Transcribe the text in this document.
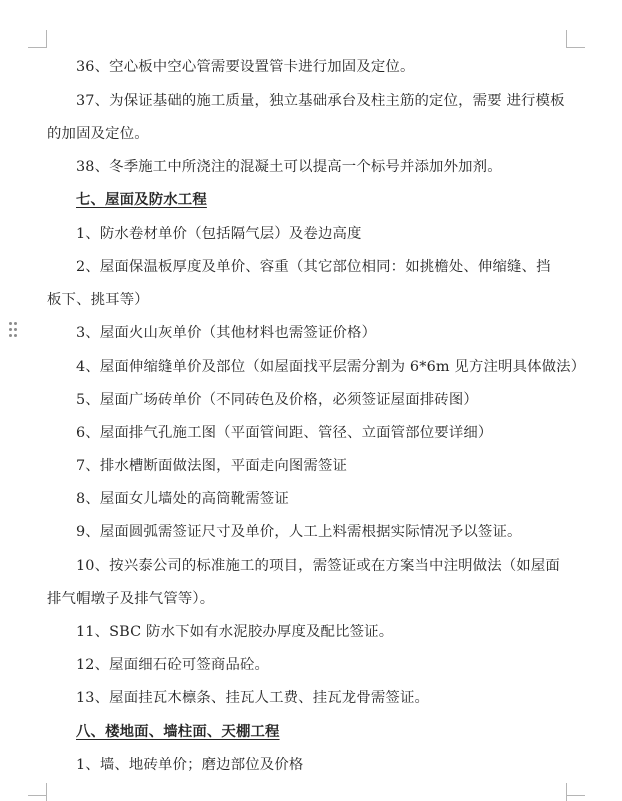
36、空心板中空心管需要设置管卡进行加固及定位。
37、为保证基础的施工质量，独立基础承台及柱主筋的定位，需要 进行模板
的加固及定位。
38、冬季施工中所浇注的混凝土可以提高一个标号并添加外加剂。
七、屋面及防水工程
1、防水卷材单价（包括隔气层）及卷边高度
2、屋面保温板厚度及单价、容重（其它部位相同：如挑檐处、伸缩缝、挡
板下、挑耳等）
3、屋面火山灰单价（其他材料也需签证价格）
4、屋面伸缩缝单价及部位（如屋面找平层需分割为 6*6m 见方注明具体做法）
5、屋面广场砖单价（不同砖色及价格，必须签证屋面排砖图）
6、屋面排气孔施工图（平面管间距、管径、立面管部位要详细）
7、排水槽断面做法图，平面走向图需签证
8、屋面女儿墙处的高筒靴需签证
9、屋面圆弧需签证尺寸及单价，人工上料需根据实际情况予以签证。
10、按兴泰公司的标准施工的项目，需签证或在方案当中注明做法（如屋面
排气帽墩子及排气管等）。
11、SBC 防水下如有水泥胶办厚度及配比签证。
12、屋面细石砼可签商品砼。
13、屋面挂瓦木檩条、挂瓦人工费、挂瓦龙骨需签证。
八、楼地面、墙柱面、天棚工程
1、墙、地砖单价；磨边部位及价格
